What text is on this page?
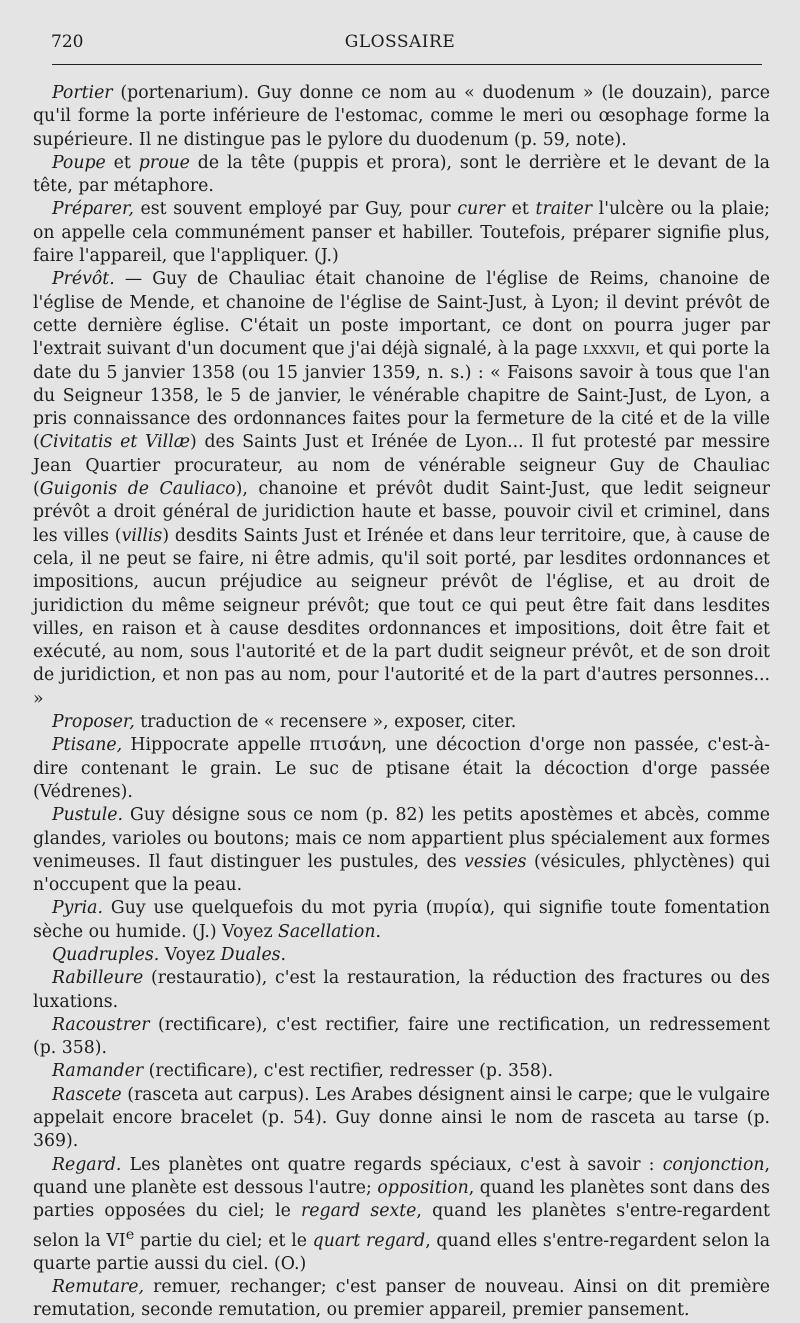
720	GLOSSAIRE

Portier (portenarium). Guy donne ce nom au « duodenum » (le douzain), parce qu'il forme la porte inférieure de l'estomac, comme le meri ou œsophage forme la supérieure. Il ne distingue pas le pylore du duodenum (p. 59, note).

Poupe et proue de la tête (puppis et prora), sont le derrière et le devant de la tête, par métaphore.

Préparer, est souvent employé par Guy, pour curer et traiter l'ulcère ou la plaie; on appelle cela communément panser et habiller. Toutefois, préparer signifie plus, faire l'appareil, que l'appliquer. (J.)

Prévôt. — Guy de Chauliac était chanoine de l'église de Reims, chanoine de l'église de Mende, et chanoine de l'église de Saint-Just, à Lyon; il devint prévôt de cette dernière église. C'était un poste important, ce dont on pourra juger par l'extrait suivant d'un document que j'ai déjà signalé, à la page lxxxvii, et qui porte la date du 5 janvier 1358 (ou 15 janvier 1359, n. s.) : « Faisons savoir à tous que l'an du Seigneur 1358, le 5 de janvier, le vénérable chapitre de Saint-Just, de Lyon, a pris connaissance des ordonnances faites pour la fermeture de la cité et de la ville (Civitatis et Villæ) des Saints Just et Irénée de Lyon... Il fut protesté par messire Jean Quartier procurateur, au nom de vénérable seigneur Guy de Chauliac (Guigonis de Cauliaco), chanoine et prévôt dudit Saint-Just, que ledit seigneur prévôt a droit général de juridiction haute et basse, pouvoir civil et criminel, dans les villes (villis) desdits Saints Just et Irénée et dans leur territoire, que, à cause de cela, il ne peut se faire, ni être admis, qu'il soit porté, par lesdites ordonnances et impositions, aucun préjudice au seigneur prévôt de l'église, et au droit de juridiction du même seigneur prévôt; que tout ce qui peut être fait dans lesdites villes, en raison et à cause desdites ordonnances et impositions, doit être fait et exécuté, au nom, sous l'autorité et de la part dudit seigneur prévôt, et de son droit de juridiction, et non pas au nom, pour l'autorité et de la part d'autres personnes... »

Proposer, traduction de « recensere », exposer, citer.

Ptisane, Hippocrate appelle πτισάνη, une décoction d'orge non passée, c'est-à-dire contenant le grain. Le suc de ptisane était la décoction d'orge passée (Védrenes).

Pustule. Guy désigne sous ce nom (p. 82) les petits apostèmes et abcès, comme glandes, varioles ou boutons; mais ce nom appartient plus spécialement aux formes venimeuses. Il faut distinguer les pustules, des vessies (vésicules, phlyctènes) qui n'occupent que la peau.

Pyria. Guy use quelquefois du mot pyria (πυρία), qui signifie toute fomentation sèche ou humide. (J.) Voyez Sacellation.

Quadruples. Voyez Duales.

Rabilleure (restauratio), c'est la restauration, la réduction des fractures ou des luxations.

Racoustrer (rectificare), c'est rectifier, faire une rectification, un redressement (p. 358).

Ramander (rectificare), c'est rectifier, redresser (p. 358).

Rascete (rasceta aut carpus). Les Arabes désignent ainsi le carpe; que le vulgaire appelait encore bracelet (p. 54). Guy donne ainsi le nom de rasceta au tarse (p. 369).

Regard. Les planètes ont quatre regards spéciaux, c'est à savoir : conjonction, quand une planète est dessous l'autre; opposition, quand les planètes sont dans des parties opposées du ciel; le regard sexte, quand les planètes s'entre-regardent selon la VIe partie du ciel; et le quart regard, quand elles s'entre-regardent selon la quarte partie aussi du ciel. (O.)

Remutare, remuer, rechanger; c'est panser de nouveau. Ainsi on dit première remutation, seconde remutation, ou premier appareil, premier pansement.
